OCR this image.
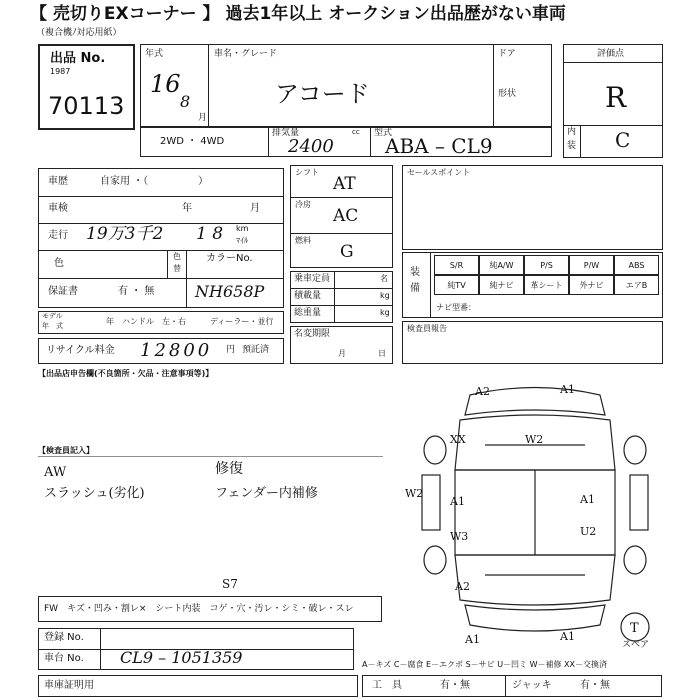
【 売切りEXコーナー 】 過去1年以上 オークション出品歴がない車両
（複合機ﾉ対応用紙）
出品 No.
1987
70113
年式
16
8
月
車名・グレード
アコード
ドア
形状
評価点
R
内
装 C
2WD ・ 4WD
排気量	cc
2400
型式
ABA – CL9
車歴	自家用 ・（　　　　　）
車検	年	月
走行 19万3千2 1 8 km
ﾏｲﾙ
色
色
替
カラーNo.
保証書	有 ・ 無	NH658P
モデル
年　式	年 ハンドル　左・右	ディーラー・並行
リサイクル料金 12800 円 預託済
シフト
AT
冷房
AC
燃料
G
乗車定員	名
積載量	kg
総重量	kg
名変期限
月	日
セールスポイント
装
備
S/R	純A/W	P/S	P/W	ABS
純TV	純ナビ	革シート	外ナビ	エアB
ナビ型番：
検査員報告
【出品店申告欄(不良箇所・欠品・注意事項等)】
【検査員記入】
AW
スラッシュ(劣化)
修復
フェンダー内補修
S7
FW　キズ・凹み・割レ×　シート内装　コゲ・穴・汚レ・シミ・破レ・スレ
登録 No.
車台 No. CL9 – 1051359
車庫証明用	工　具	有・無	ジャッキ	有・無
A2	A1
XX	W2
W2
A1	A1
W3	U2
A2
A1	A1
T
スペア
A－キズ C－腐食 E－エクボ S－サビ U－凹ミ W－補修 XX－交換済
